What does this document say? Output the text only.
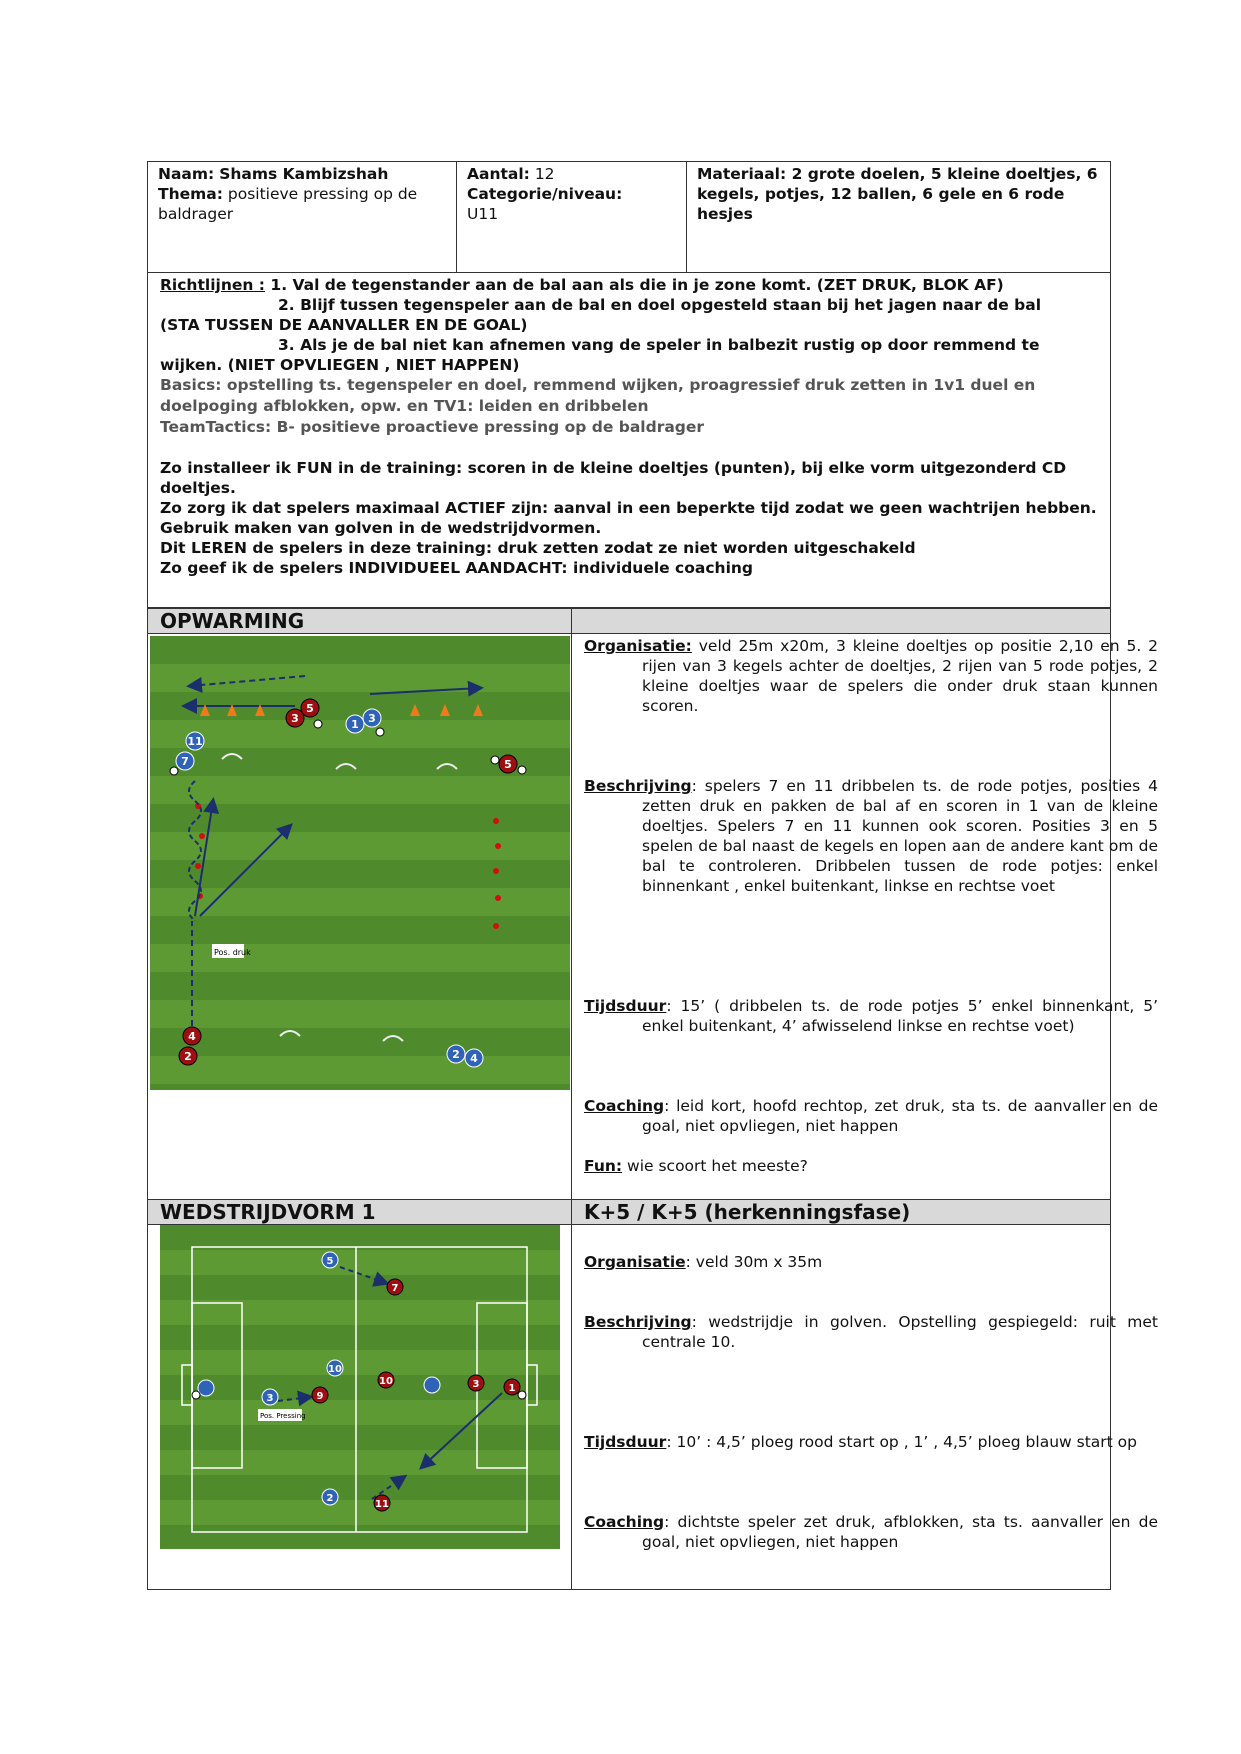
Naam: Shams Kambizshah
Thema: positieve pressing op de baldrager
Aantal: 12
Categorie/niveau:
U11
Materiaal: 2 grote doelen, 5 kleine doeltjes, 6 kegels, potjes, 12 ballen, 6 gele en 6 rode hesjes

Richtlijnen : 1. Val de tegenstander aan de bal aan als die in je zone komt. (ZET DRUK, BLOK AF)

2. Blijf tussen tegenspeler aan de bal en doel opgesteld staan bij het jagen naar de bal

(STA TUSSEN DE AANVALLER EN DE GOAL)

3. Als je de bal niet kan afnemen vang de speler in balbezit rustig op door remmend te

wijken. (NIET OPVLIEGEN , NIET HAPPEN)

Basics: opstelling ts. tegenspeler en doel, remmend wijken, proagressief druk zetten in 1v1 duel en doelpoging afblokken, opw. en TV1: leiden en dribbelen

TeamTactics: B- positieve proactieve pressing op de baldrager

Zo installeer ik FUN in de training: scoren in de kleine doeltjes (punten), bij elke vorm uitgezonderd CD doeltjes.

Zo zorg ik dat spelers maximaal ACTIEF zijn: aanval in een beperkte tijd zodat we geen wachtrijen hebben. Gebruik maken van golven in de wedstrijdvormen.

Dit LEREN de spelers in deze training: druk zetten zodat ze niet worden uitgeschakeld

Zo geef ik de spelers INDIVIDUEEL AANDACHT: individuele coaching

OPWARMING
Pos. druk
7
11
4
2
5
3	1 3
5
2 4
Organisatie: veld 25m x20m, 3 kleine doeltjes op positie 2,10 en 5. 2 rijen van 3 kegels achter de doeltjes, 2 rijen van 5 rode potjes, 2 kleine doeltjes waar de spelers die onder druk staan kunnen scoren.
Beschrijving: spelers 7 en 11 dribbelen ts. de rode potjes, posities 4 zetten druk en pakken de bal af en scoren in 1 van de kleine doeltjes. Spelers 7 en 11 kunnen ook scoren. Posities 3 en 5 spelen de bal naast de kegels en lopen aan de andere kant om de bal te controleren. Dribbelen tussen de rode potjes: enkel binnenkant , enkel buitenkant, linkse en rechtse voet
Tijdsduur: 15’ ( dribbelen ts. de rode potjes 5’ enkel binnenkant, 5’ enkel buitenkant, 4’ afwisselend linkse en rechtse voet)
Coaching: leid kort, hoofd rechtop, zet druk, sta ts. de aanvaller en de goal, niet opvliegen, niet happen
Fun: wie scoort het meeste?
WEDSTRIJDVORM 1	K+5 / K+5 (herkenningsfase)
Pos. Pressing
5
7
10
10
9
3
3
11
2
1
Organisatie: veld 30m x 35m
Beschrijving: wedstrijdje in golven. Opstelling gespiegeld: ruit met centrale 10.
Tijdsduur: 10’ : 4,5’ ploeg rood start op , 1’ , 4,5’ ploeg blauw start op
Coaching: dichtste speler zet druk, afblokken, sta ts. aanvaller en de goal, niet opvliegen, niet happen
